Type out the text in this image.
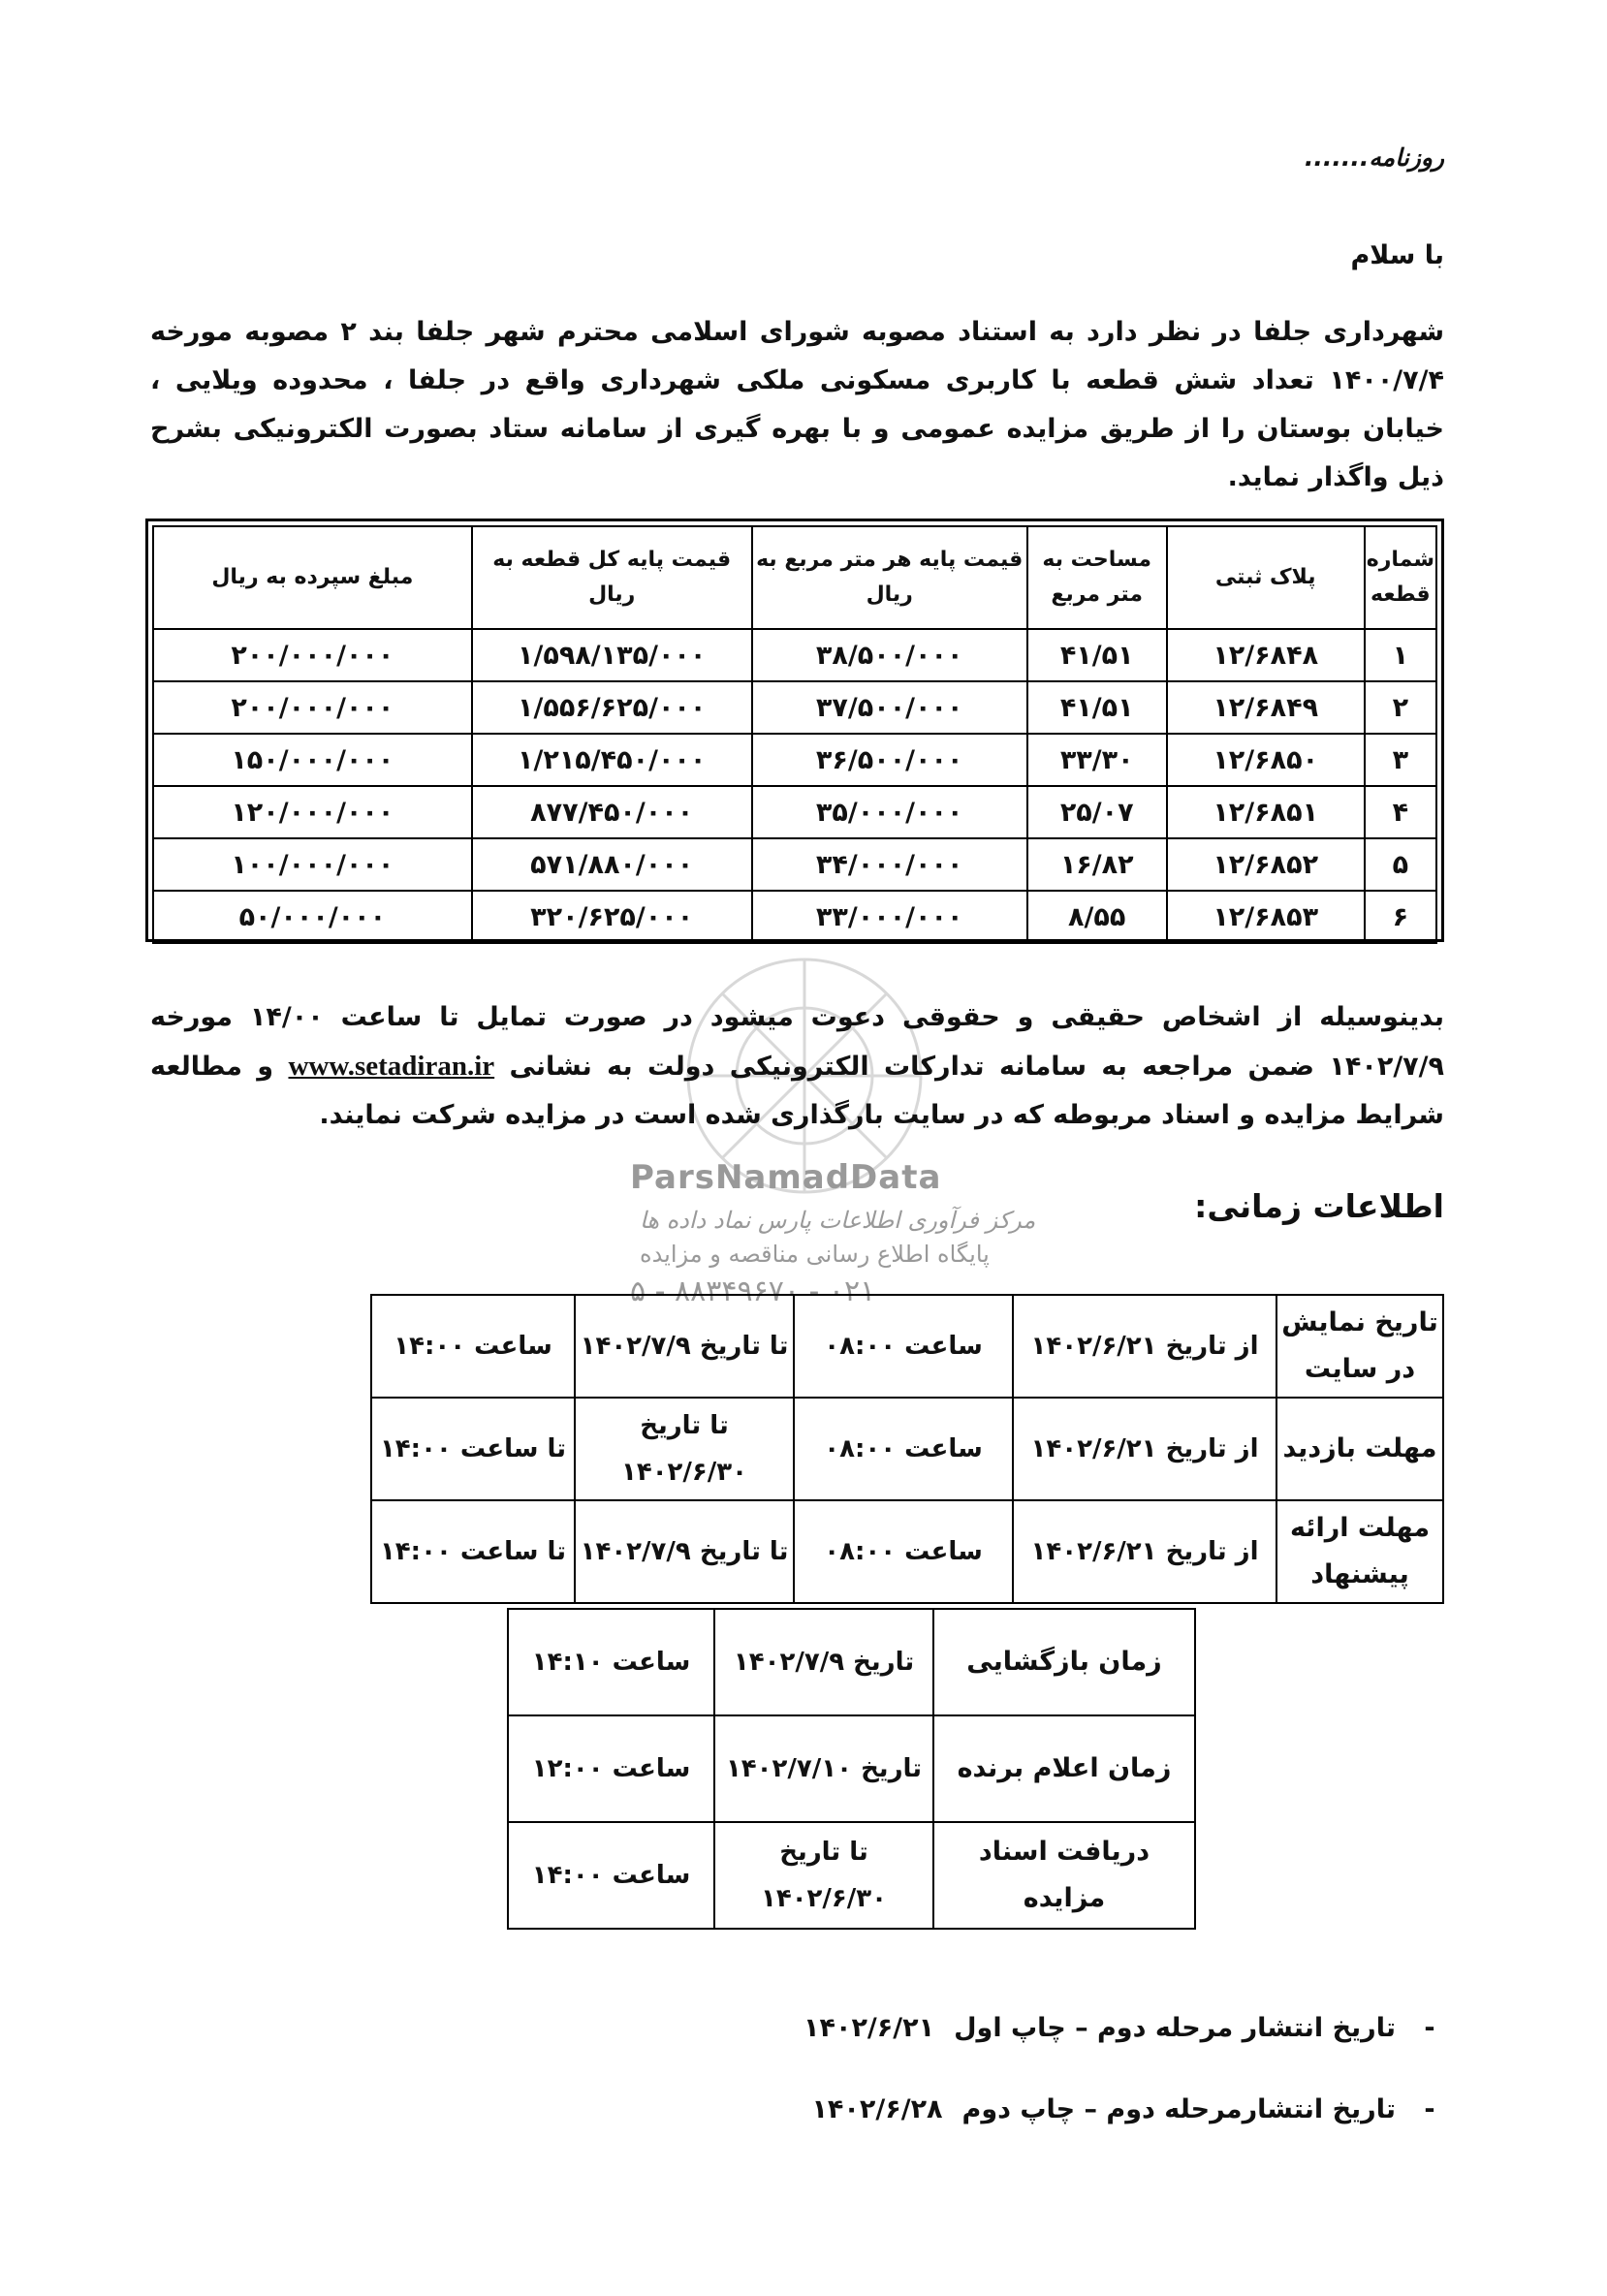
ParsNamadData
مرکز فرآوری اطلاعات پارس نماد داده ها
پایگاه اطلاع رسانی مناقصه و مزایده
۰۲۱ - ۸۸۳۴۹۶۷۰ - ۵
روزنامه.......
با سلام
شهرداری جلفا در نظر دارد به استناد مصوبه شورای اسلامی محترم شهر جلفا بند ۲ مصوبه مورخه ۱۴۰۰/۷/۴ تعداد شش قطعه با کاربری مسکونی ملکی شهرداری واقع در جلفا ، محدوده ویلایی ، خیابان بوستان را از طریق مزایده عمومی و با بهره گیری از سامانه ستاد بصورت الکترونیکی بشرح ذیل واگذار نماید.
شماره قطعه	پلاک ثبتی	مساحت به متر مربع	قیمت پایه هر متر مربع به ریال	قیمت پایه کل قطعه به ریال	مبلغ سپرده به ریال
۱	۱۲/۶۸۴۸	۴۱/۵۱	۳۸/۵۰۰/۰۰۰	۱/۵۹۸/۱۳۵/۰۰۰	۲۰۰/۰۰۰/۰۰۰
۲	۱۲/۶۸۴۹	۴۱/۵۱	۳۷/۵۰۰/۰۰۰	۱/۵۵۶/۶۲۵/۰۰۰	۲۰۰/۰۰۰/۰۰۰
۳	۱۲/۶۸۵۰	۳۳/۳۰	۳۶/۵۰۰/۰۰۰	۱/۲۱۵/۴۵۰/۰۰۰	۱۵۰/۰۰۰/۰۰۰
۴	۱۲/۶۸۵۱	۲۵/۰۷	۳۵/۰۰۰/۰۰۰	۸۷۷/۴۵۰/۰۰۰	۱۲۰/۰۰۰/۰۰۰
۵	۱۲/۶۸۵۲	۱۶/۸۲	۳۴/۰۰۰/۰۰۰	۵۷۱/۸۸۰/۰۰۰	۱۰۰/۰۰۰/۰۰۰
۶	۱۲/۶۸۵۳	۸/۵۵	۳۳/۰۰۰/۰۰۰	۳۲۰/۶۲۵/۰۰۰	۵۰/۰۰۰/۰۰۰
بدینوسیله از اشخاص حقیقی و حقوقی دعوت میشود در صورت تمایل تا ساعت ۱۴/۰۰ مورخه ۱۴۰۲/۷/۹ ضمن مراجعه به سامانه تدارکات الکترونیکی دولت به نشانی www.setadiran.ir و مطالعه شرایط مزایده و اسناد مربوطه که در سایت بارگذاری شده است در مزایده شرکت نمایند.
اطلاعات زمانی:
تاریخ نمایش در سایت	از تاریخ ۱۴۰۲/۶/۲۱	ساعت ۰۸:۰۰	تا تاریخ ۱۴۰۲/۷/۹	ساعت ۱۴:۰۰
مهلت بازدید	از تاریخ ۱۴۰۲/۶/۲۱	ساعت ۰۸:۰۰	تا تاریخ ۱۴۰۲/۶/۳۰	تا ساعت ۱۴:۰۰
مهلت ارائه پیشنهاد	از تاریخ ۱۴۰۲/۶/۲۱	ساعت ۰۸:۰۰	تا تاریخ ۱۴۰۲/۷/۹	تا ساعت ۱۴:۰۰
زمان بازگشایی	تاریخ ۱۴۰۲/۷/۹	ساعت ۱۴:۱۰
زمان اعلام برنده	تاریخ ۱۴۰۲/۷/۱۰	ساعت ۱۲:۰۰
دریافت اسناد مزایده	تا تاریخ ۱۴۰۲/۶/۳۰	ساعت ۱۴:۰۰
-
تاریخ انتشار مرحله دوم – چاپ اول
۱۴۰۲/۶/۲۱
-
تاریخ انتشارمرحله دوم – چاپ دوم
۱۴۰۲/۶/۲۸
